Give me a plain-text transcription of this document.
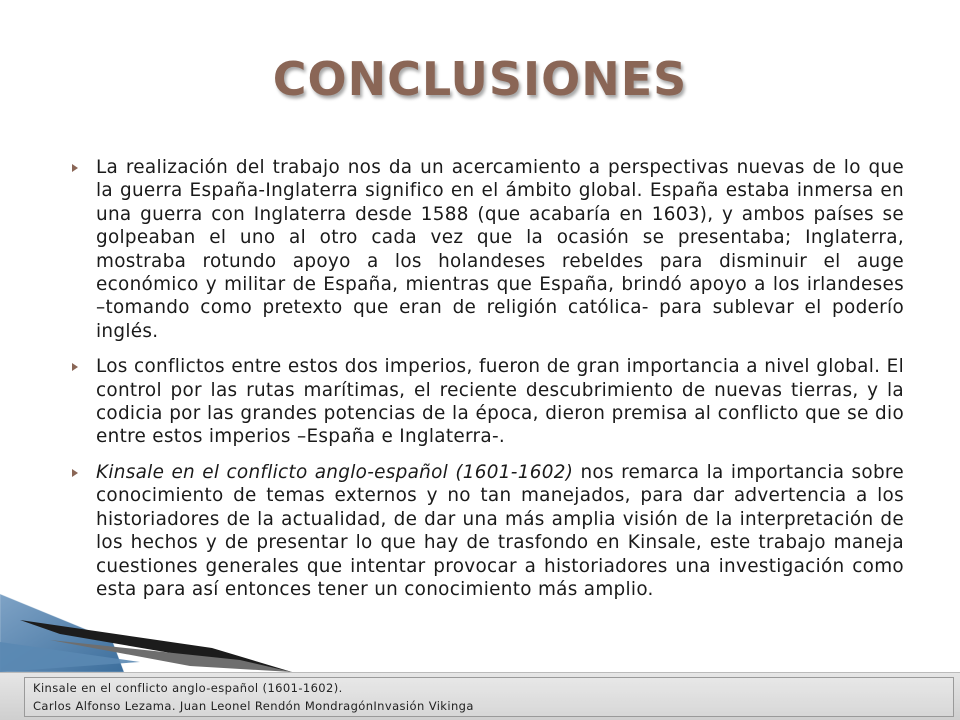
CONCLUSIONES

La realización del trabajo nos da un acercamiento a perspectivas nuevas de lo que la guerra España-Inglaterra significo en el ámbito global. España estaba inmersa en una guerra con Inglaterra desde 1588 (que acabaría en 1603), y ambos países se golpeaban el uno al otro cada vez que la ocasión se presentaba; Inglaterra, mostraba rotundo apoyo a los holandeses rebeldes para disminuir el auge económico y militar de España, mientras que España, brindó apoyo a los irlandeses –tomando como pretexto que eran de religión católica- para sublevar el poderío inglés.

Los conflictos entre estos dos imperios, fueron de gran importancia a nivel global. El control por las rutas marítimas, el reciente descubrimiento de nuevas tierras, y la codicia por las grandes potencias de la época, dieron premisa al conflicto que se dio entre estos imperios –España e Inglaterra-.

Kinsale en el conflicto anglo-español (1601-1602) nos remarca la importancia sobre conocimiento de temas externos y no tan manejados, para dar advertencia a los historiadores de la actualidad, de dar una más amplia visión de la interpretación de los hechos y de presentar lo que hay de trasfondo en Kinsale, este trabajo maneja cuestiones generales que intentar provocar a historiadores una investigación como esta para así entonces tener un conocimiento más amplio.

Kinsale en el conflicto anglo-español (1601-1602).
Carlos Alfonso Lezama. Juan Leonel Rendón MondragónInvasión Vikinga
